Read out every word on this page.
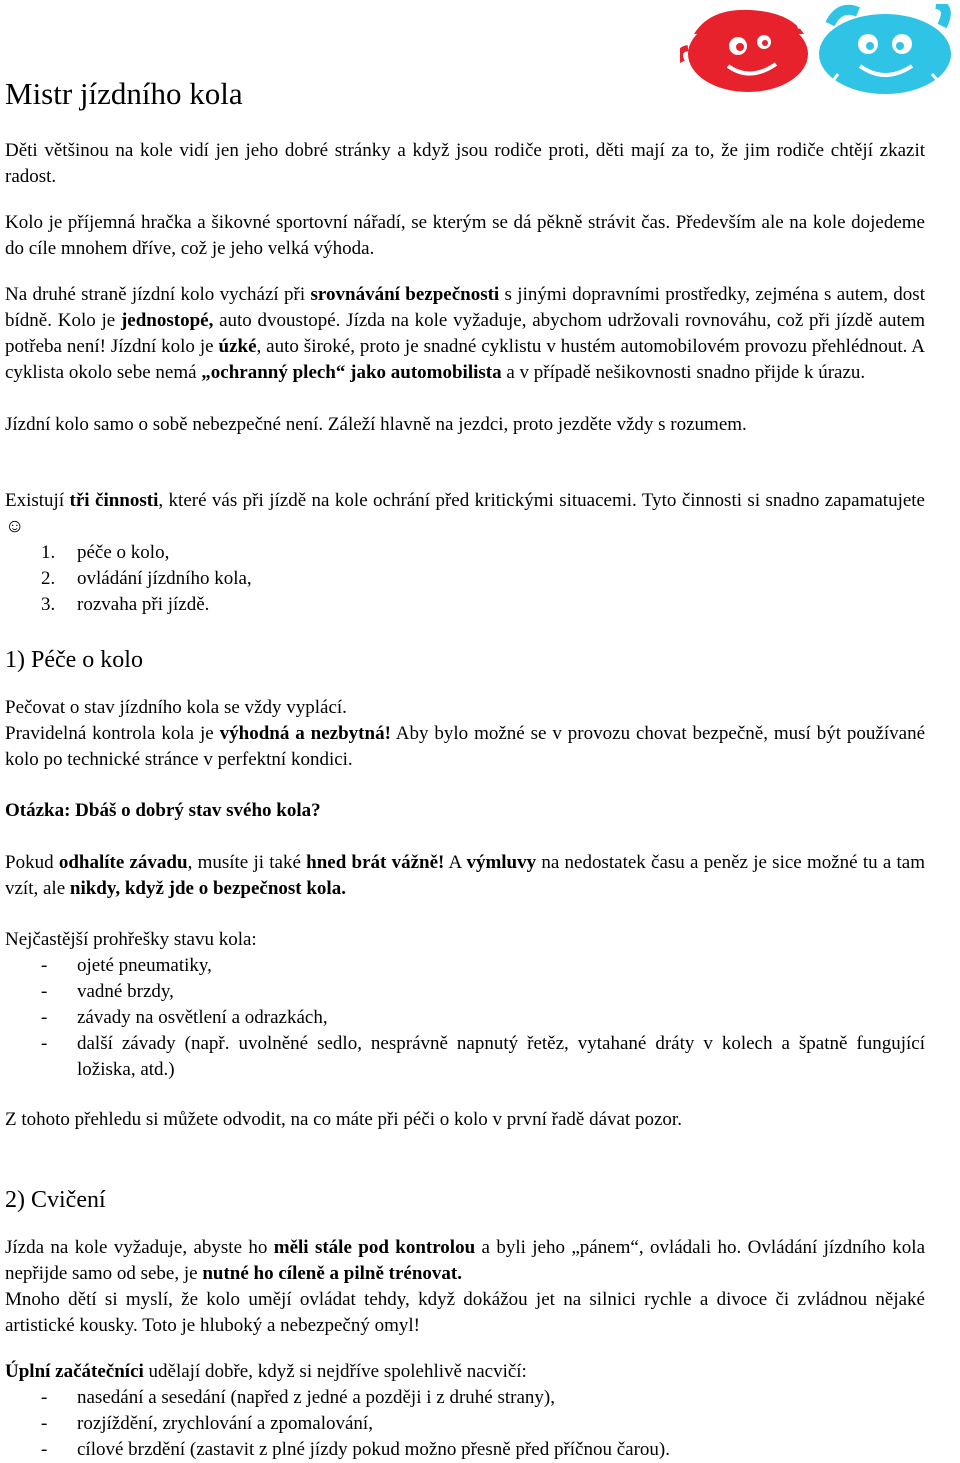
Mistr jízdního kola

Děti většinou na kole vidí jen jeho dobré stránky a když jsou rodiče proti, děti mají za to, že jim rodiče chtějí zkazit radost.

Kolo je příjemná hračka a šikovné sportovní nářadí, se kterým se dá pěkně strávit čas. Především ale na kole dojedeme do cíle mnohem dříve, což je jeho velká výhoda.

Na druhé straně jízdní kolo vychází při srovnávání bezpečnosti s jinými dopravními prostředky, zejména s autem, dost bídně. Kolo je jednostopé, auto dvoustopé. Jízda na kole vyžaduje, abychom udržovali rovnováhu, což při jízdě autem potřeba není! Jízdní kolo je úzké, auto široké, proto je snadné cyklistu v hustém automobilovém provozu přehlédnout. A cyklista okolo sebe nemá „ochranný plech“ jako automobilista a v případě nešikovnosti snadno přijde k úrazu.

Jízdní kolo samo o sobě nebezpečné není. Záleží hlavně na jezdci, proto jezděte vždy s rozumem.

Existují tři činnosti, které vás při jízdě na kole ochrání před kritickými situacemi. Tyto činnosti si snadno zapamatujete ☺

1.	péče o kolo,
2.	ovládání jízdního kola,
3.	rozvaha při jízdě.
1) Péče o kolo

Pečovat o stav jízdního kola se vždy vyplácí.

Pravidelná kontrola kola je výhodná a nezbytná! Aby bylo možné se v provozu chovat bezpečně, musí být používané kolo po technické stránce v perfektní kondici.

Otázka: Dbáš o dobrý stav svého kola?

Pokud odhalíte závadu, musíte ji také hned brát vážně! A výmluvy na nedostatek času a peněz je sice možné tu a tam vzít, ale nikdy, když jde o bezpečnost kola.

Nejčastější prohřešky stavu kola:

-	ojeté pneumatiky,
-	vadné brzdy,
-	závady na osvětlení a odrazkách,
-	další závady (např. uvolněné sedlo, nesprávně napnutý řetěz, vytahané dráty v kolech a špatně fungující ložiska, atd.)

Z tohoto přehledu si můžete odvodit, na co máte při péči o kolo v první řadě dávat pozor.

2) Cvičení

Jízda na kole vyžaduje, abyste ho měli stále pod kontrolou a byli jeho „pánem“, ovládali ho. Ovládání jízdního kola nepřijde samo od sebe, je nutné ho cíleně a pilně trénovat.

Mnoho dětí si myslí, že kolo umějí ovládat tehdy, když dokážou jet na silnici rychle a divoce či zvládnou nějaké artistické kousky. Toto je hluboký a nebezpečný omyl!

Úplní začátečníci udělají dobře, když si nejdříve spolehlivě nacvičí:

-	nasedání a sesedání (napřed z jedné a později i z druhé strany),
-	rozjíždění, zrychlování a zpomalování,
-	cílové brzdění (zastavit z plné jízdy pokud možno přesně před příčnou čarou).
